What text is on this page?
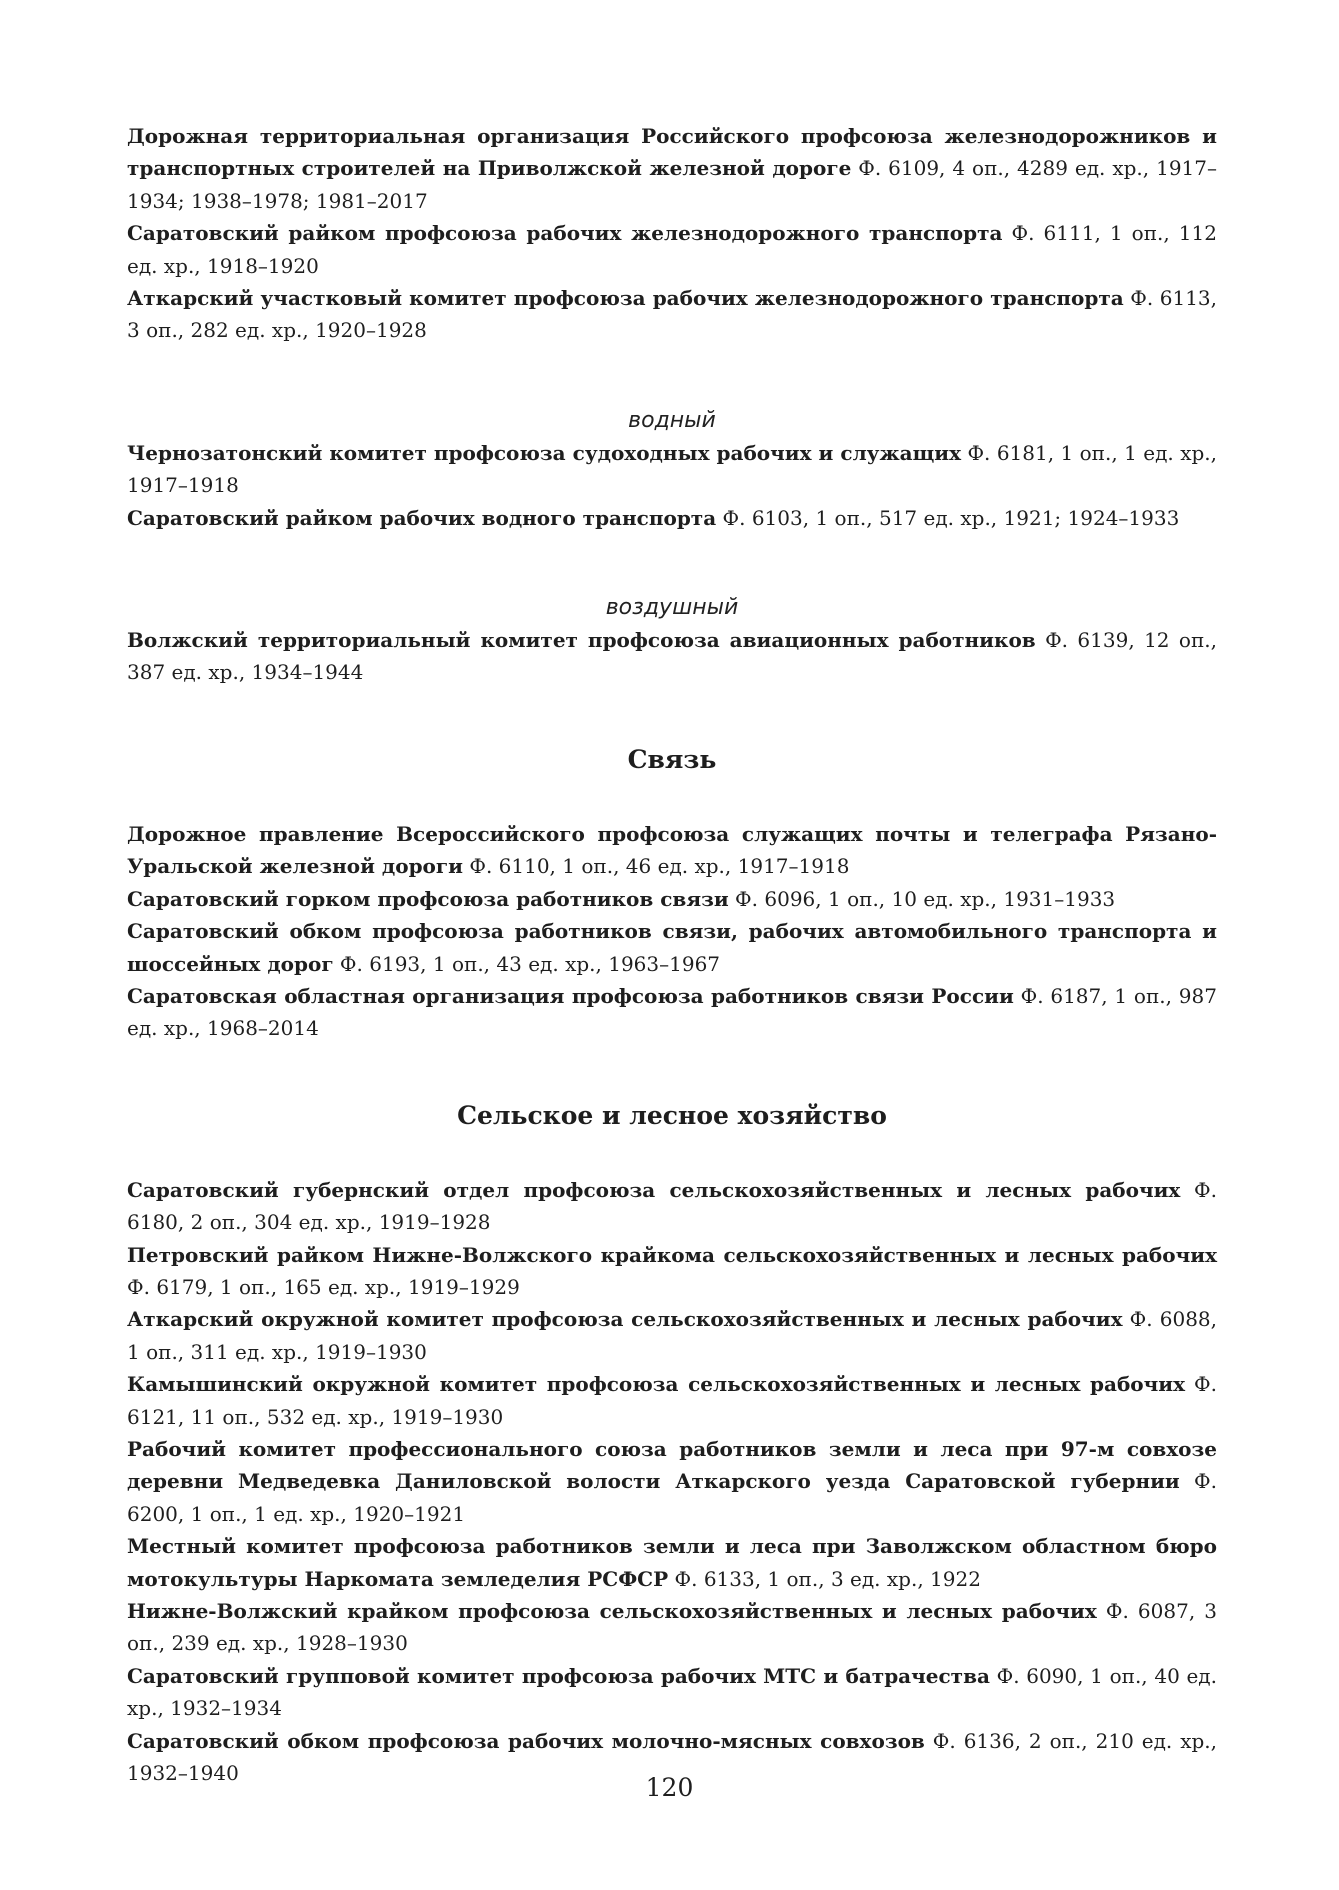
Дорожная территориальная организация Российского профсоюза железнодорожников и транспортных строителей на Приволжской железной дороге Ф. 6109, 4 оп., 4289 ед. хр., 1917–1934; 1938–1978; 1981–2017

Саратовский райком профсоюза рабочих железнодорожного транспорта Ф. 6111, 1 оп., 112 ед. хр., 1918–1920

Аткарский участковый комитет профсоюза рабочих железнодорожного транспорта Ф. 6113, 3 оп., 282 ед. хр., 1920–1928

водный

Чернозатонский комитет профсоюза судоходных рабочих и служащих Ф. 6181, 1 оп., 1 ед. хр., 1917–1918

Саратовский райком рабочих водного транспорта Ф. 6103, 1 оп., 517 ед. хр., 1921; 1924–1933

воздушный

Волжский территориальный комитет профсоюза авиационных работников Ф. 6139, 12 оп., 387 ед. хр., 1934–1944

Связь

Дорожное правление Всероссийского профсоюза служащих почты и телеграфа Рязано-Уральской железной дороги Ф. 6110, 1 оп., 46 ед. хр., 1917–1918

Саратовский горком профсоюза работников связи Ф. 6096, 1 оп., 10 ед. хр., 1931–1933

Саратовский обком профсоюза работников связи, рабочих автомобильного транспорта и шоссейных дорог Ф. 6193, 1 оп., 43 ед. хр., 1963–1967

Саратовская областная организация профсоюза работников связи России Ф. 6187, 1 оп., 987 ед. хр., 1968–2014

Сельское и лесное хозяйство

Саратовский губернский отдел профсоюза сельскохозяйственных и лесных рабочих Ф. 6180, 2 оп., 304 ед. хр., 1919–1928

Петровский райком Нижне-Волжского крайкома сельскохозяйственных и лесных рабочих Ф. 6179, 1 оп., 165 ед. хр., 1919–1929

Аткарский окружной комитет профсоюза сельскохозяйственных и лесных рабочих Ф. 6088, 1 оп., 311 ед. хр., 1919–1930

Камышинский окружной комитет профсоюза сельскохозяйственных и лесных рабочих Ф. 6121, 11 оп., 532 ед. хр., 1919–1930

Рабочий комитет профессионального союза работников земли и леса при 97-м совхозе деревни Медведевка Даниловской волости Аткарского уезда Саратовской губернии Ф. 6200, 1 оп., 1 ед. хр., 1920–1921

Местный комитет профсоюза работников земли и леса при Заволжском областном бюро мотокультуры Наркомата земледелия РСФСР Ф. 6133, 1 оп., 3 ед. хр., 1922

Нижне-Волжский крайком профсоюза сельскохозяйственных и лесных рабочих Ф. 6087, 3 оп., 239 ед. хр., 1928–1930

Саратовский групповой комитет профсоюза рабочих МТС и батрачества Ф. 6090, 1 оп., 40 ед. хр., 1932–1934

Саратовский обком профсоюза рабочих молочно-мясных совхозов Ф. 6136, 2 оп., 210 ед. хр., 1932–1940	120
